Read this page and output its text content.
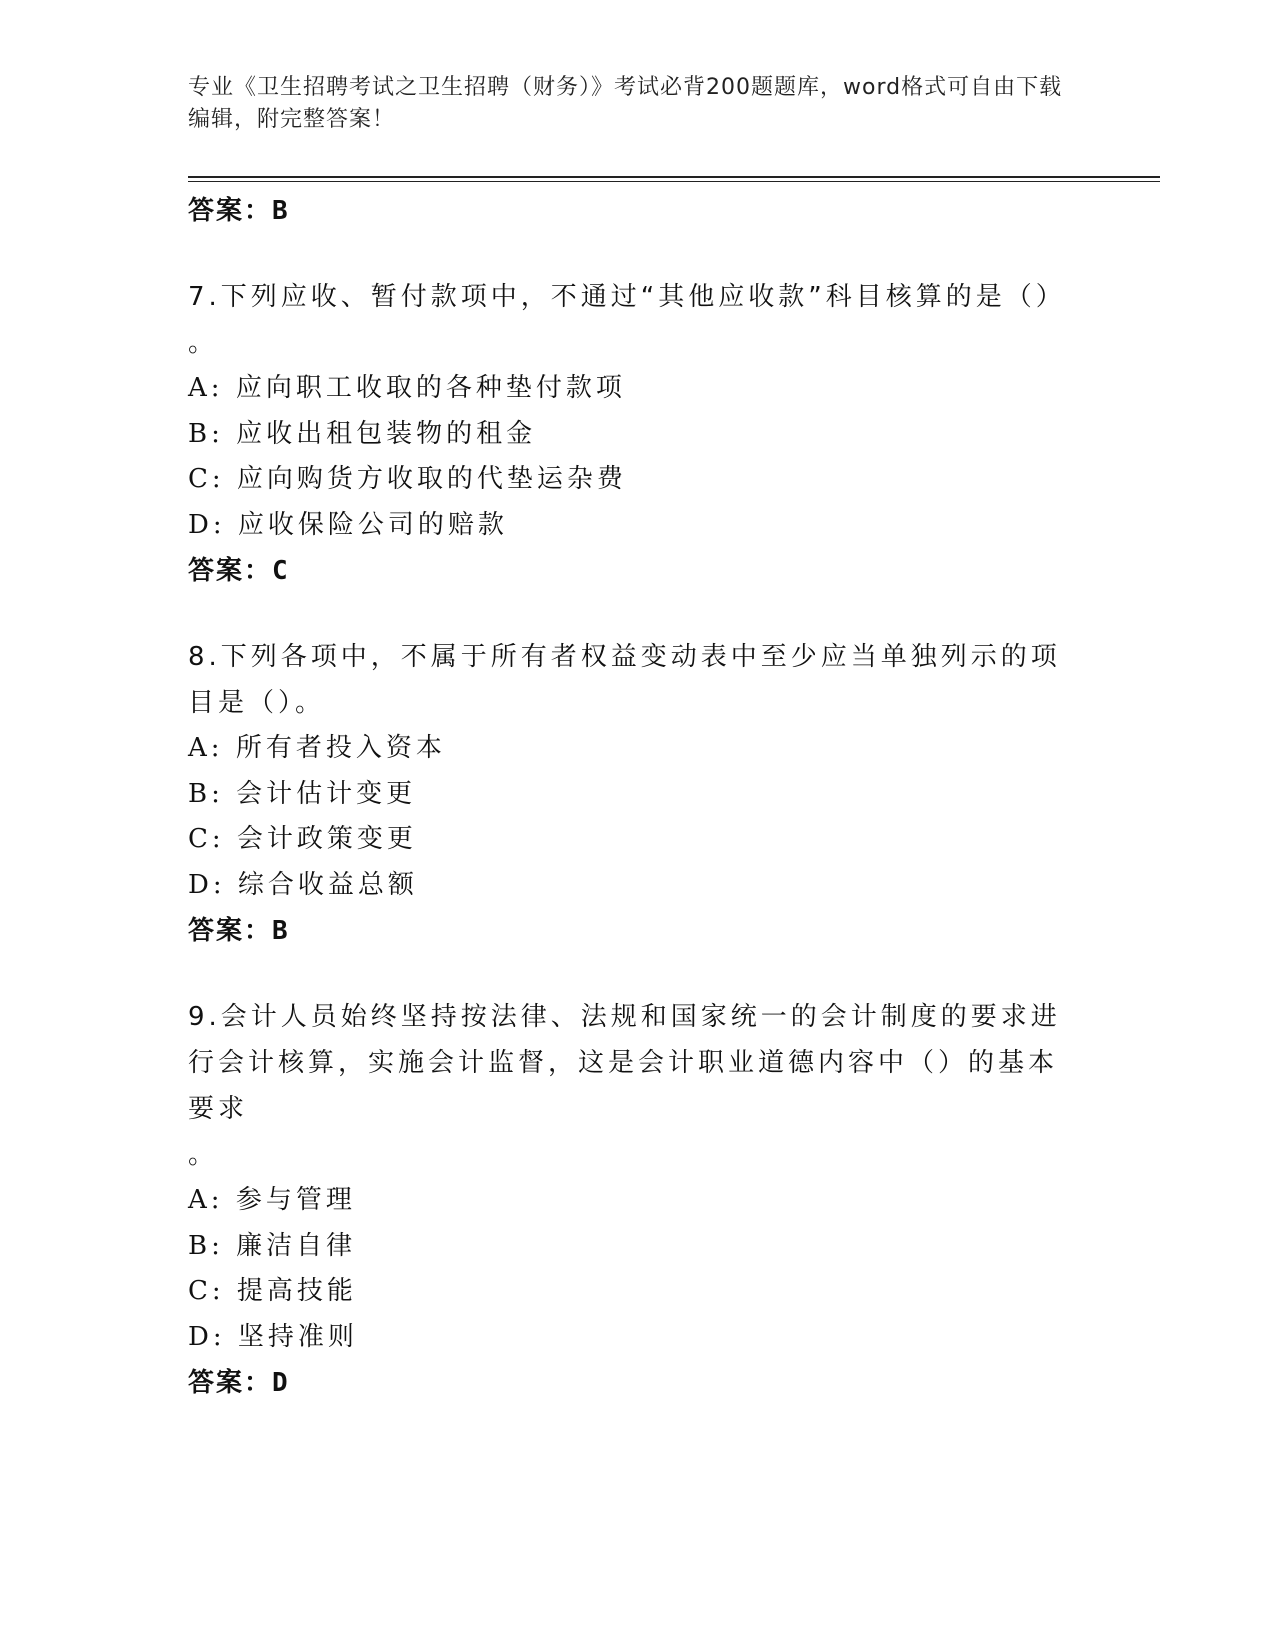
专业《卫生招聘考试之卫生招聘（财务）》考试必背200题题库，word格式可自由下载编辑，附完整答案！

答案：B

7.下列应收、暂付款项中，不通过“其他应收款”科目核算的是（）

。

A: 应向职工收取的各种垫付款项

B: 应收出租包装物的租金

C: 应向购货方收取的代垫运杂费

D: 应收保险公司的赔款

答案：C

8.下列各项中，不属于所有者权益变动表中至少应当单独列示的项目是（）。

A: 所有者投入资本

B: 会计估计变更

C: 会计政策变更

D: 综合收益总额

答案：B

9.会计人员始终坚持按法律、法规和国家统一的会计制度的要求进行会计核算，实施会计监督，这是会计职业道德内容中（）的基本要求

。

A: 参与管理

B: 廉洁自律

C: 提高技能

D: 坚持准则

答案：D
